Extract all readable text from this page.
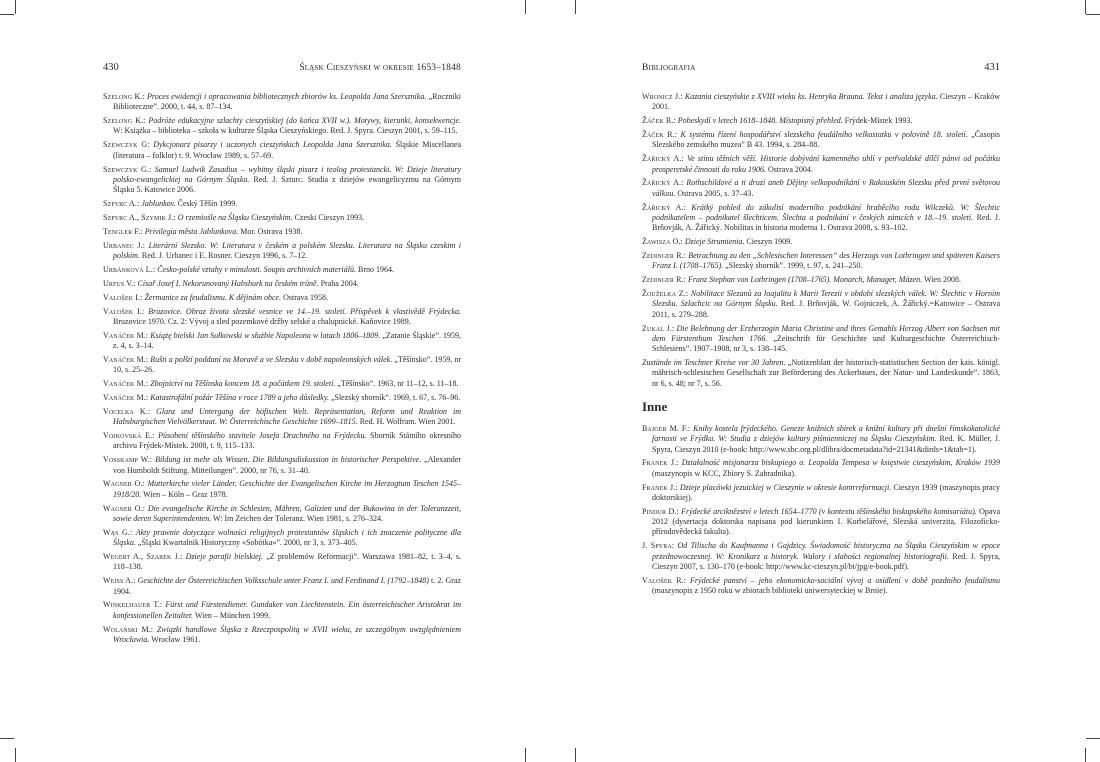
430	Śląsk Cieszyński w okresie 1653–1848
Szelong K.: Proces ewidencji i opracowania bibliotecznych zbiorów ks. Leopolda Jana Szersznika. „Roczniki Biblioteczne”. 2000, t. 44, s. 87–134.
Szelong K.: Podróże edukacyjne szlachty cieszyńskiej (do końca XVII w.). Motywy, kierunki, konsekwencje. W: Książka – biblioteka – szkoła w kulturze Śląska Cieszyńskiego. Red. J. Spyra. Cieszyn 2001, s. 59–115.
Szewczyk G: Dykcjonarz pisarzy i uczonych cieszyńskich Leopolda Jana Szersznika. Śląskie Miscellanea (literatura – folklor) t. 9. Wrocław 1989, s. 57–69.
Szewczyk G.: Samuel Ludwik Zasadius – wybitny śląski pisarz i teolog protestancki. W: Dzieje literatury polsko-ewangelickiej na Górnym Śląsku. Red. J. Szturc. Studia z dziejów ewangelicyzmu na Górnym Śląsku 5. Katowice 2006.
Szpyrc A.: Jablunkov. Český Těšín 1999.
Szpyrc A., Szymik J.: O rzemiośle na Śląsku Cieszyńskim. Czeski Cieszyn 1993.
Tengler F.: Privilegia města Jablunkova. Mor. Ostrava 1938.
Urbanec J.: Literární Slezsko. W: Literatura v českém a polském Slezsku. Literatura na Śląsku czeskim i polskim. Red. J. Urbanec i E. Rosner. Cieszyn 1996, s. 7–12.
Urbánková L.: Česko-polské vztahy v minulosti. Soupis archivních materiálů. Brno 1964.
Urfus V.: Císař Josef I. Nekorunovaný Habsburk na českém trůně. Praha 2004.
Valošek I.: Žermanice za feudalismu. K dějinám obce. Ostrava 1958.
Valošek I.: Bruzovice. Obraz života slezské vesnice ve 14.–19. století. Příspěvek k vlastivědě Frýdecka. Bruzovice 1970. Cz. 2: Vývoj a sled pozemkové držby selské a chalupnické. Kaňovice 1989.
Vanáček M.: Książę bielski Jan Sułkowski w służbie Napoleona w latach 1806–1809. „Zaranie Śląskie”. 1959, z. 4, s. 3–14.
Vanáček M.: Rušti a polští poddaní na Moravě a ve Slezsku v době napoleonských válek. „Těšínsko”. 1959, nr 10, s. 25–26.
Vanáček M.: Zbojnictví na Těšínska koncem 18. a počátkem 19. století. „Těšínsko”. 1963, nr 11–12, s. 11–18.
Vanáček M.: Katastrofální požár Těšína v roce 1789 a jeho důsledky. „Slezský sborník”. 1969, t. 67, s. 76–96.
Vocelka K.: Glanz und Untergang der höfischen Welt. Repräsentation, Reform und Reaktion im Habsburgischen Vielvölkerstaat. W: Österreichische Geschichte 1699–1815. Red. H. Wolfram. Wien 2001.
Vojkovská E.: Působení těšínského stavitele Josefa Drachného na Frýdecku. Sborník Státního okresního archivu Frýdek-Místek. 2008, t. 9, 115–133.
Vosskamp W.: Bildung ist mehr als Wissen. Die Bildungsdiskussion in historischer Perspektive. „Alexander von Humboldt Stiftung. Mitteilungen”. 2000, nr 76, s. 31–40.
Wagner O.: Mutterkirche vieler Länder. Geschichte der Evangelischen Kirche im Herzogtum Teschen 1545–1918/20. Wien – Köln – Graz 1978.
Wagner O.: Die evangelische Kirche in Schlesien, Mähren, Galizien und der Bukowina in der Toleranzzeit, sowie deren Superintendenten. W: Im Zeichen der Toleranz. Wien 1981, s. 276–324.
Wąs G.: Akty prawnie dotyczące wolności religijnych protestantów śląskich i ich znaczenie polityczne dla Śląska. „Śląski Kwartalnik Historyczny «Sobótka»”. 2000, nr 3, s. 373–405.
Wegert A., Szarek J.: Dzieje parafii bielskiej. „Z problemów Reformacji”. Warszawa 1981–82, t. 3–4, s. 118–138.
Weiss A.: Geschichte der Österreichischen Volksschule unter Franz I. und Ferdinand I. (1792–1848) t. 2. Graz 1904.
Winkelhauer T.: Fürst und Fürstendiener. Gundaker von Liechtenstein. Ein österreichischer Aristokrat im konfessionellen Zeitalter. Wien – München 1999.
Wolański M.: Związki handlowe Śląska z Rzeczpospolitą w XVII wieku, ze szczególnym uwzględnieniem Wrocławia. Wrocław 1961.
Bibliografia	431
Wronicz J.: Kazania cieszyńskie z XVIII wieku ks. Henryka Brauna. Tekst i analiza języka. Cieszyn – Kraków 2001.
Žáček R.: Pobeskydí v letech 1618–1848. Místopisný přehled. Frýdek-Místek 1993.
Žáček R.: K systému řízení hospodářství slezského feudálního velkostatku v polovině 18. století. „Časopis Slezského zemského muzea” B 43. 1994, s. 284–88.
Žářický A.: Ve stínu těžních věží. Historie dobývání kamenného uhlí v petřvaldské dílčí pánvi od počátku prosperetské činnosti do roku 1906. Ostrava 2004.
Žářický A.: Rothschildové a ti druzí aneb Dějiny velkopodnikání v Rakouském Slezsku před první světovou válkou. Ostrava 2005, s. 37–43.
Žářický A.: Krátký pohled do zákulisí moderního podnikání hraběcího rodu Wilczeků. W: Šlechtic podnikatelem – podnikatel šlechticem. Šlechta a podnikání v českých zámcích v 18.–19. století. Red. J. Brňovják, A. Žářický. Nobilitas in historia moderna 1. Ostrava 2008, s. 93–102.
Żawisza O.: Dzieje Strumienia. Cieszyn 1909.
Zedinger R.: Betrachtung zu den „Schlesischen Interessen” des Herzogs von Lothringen und späteren Kaisers Franz I. (1708–1765). „Slezský sborník”. 1999, t. 97, s. 241–250.
Zedinger R.: Franz Stephan von Lothringen (1708–1765). Monarch, Manager, Mäzen. Wien 2008.
Žouželka Z.: Nobilitace Slezanů za loajalitu k Marii Terezii v období slezských válek. W: Šlechtic v Horním Slezsku. Szlachcic na Górnym Śląsku. Red. J. Brňovják, W. Gojniczek, A. Žářický.=Katowice – Ostrava 2011, s. 279–288.
Zukal J.: Die Belehnung der Erzherzogin Maria Christine und ihres Gemahls Herzog Albert von Sachsen mit dem Fürstenthum Teschen 1766. „Zeitschrift für Geschichte und Kulturgeschichte Österreichisch-Schlesiens”. 1907–1908, nr 3, s. 138–145.
Zustände im Teschner Kreise vor 30 Jahren. „Notizenblatt der historisch-statistischen Section der kais. königl. mährisch-schlesischen Gesellschaft zur Beförderung des Ackerbaues, der Natur- und Landeskunde”. 1863, nr 6, s. 48; nr 7, s. 56.
Inne
Bajger M. F.: Knihy kostela frýdeckého. Geneze knižních sbírek a knižní kultury při dnešní římskokatolické farnosti ve Frýdku. W: Studia z dziejów kultury piśmienniczej na Śląsku Cieszyńskim. Red. K. Müller, J. Spyra, Cieszyn 2010 (e-book: http://www.sbc.org.pl/dlibra/docmetadata?id=21341&dirds=1&tab=1).
Franek J.: Działalność misjonarza biskupiego o. Leopolda Tempesa w księstwie cieszyńskim, Kraków 1939 (maszynopis w KCC, Zbiory S. Zahradnika).
Franek J.: Dzieje placówki jezuickiej w Cieszynie w okresie kontrreformacji. Cieszyn 1939 (maszynopis pracy doktorskiej).
Pindur D.: Frýdecké arciknězství v letech 1654–1770 (v kontextu těšínského biskupského komisariátu). Opava 2012 (dysertacja doktorska napisana pod kierunkiem I. Korbelářové, Slezská univerzita, Filozoficko-přírodovědecká fakulta).
J. Spyra: Od Tilischa do Kaufmanna i Gajdzicy. Świadomość historyczna na Śląsku Cieszyńskim w epoce przednowoczesnej. W: Kronikarz a historyk. Walory i słabości regionalnej historiografii. Red. J. Spyra, Cieszyn 2007, s. 130–170 (e-book: http://www.kc-cieszyn.pl/bt/jpg/e-book.pdf).
Valošek R.: Frýdecké panství – jeho ekonomicko-sociální vývoj a osídlení v době pozdního feudalismu (maszynopis z 1950 roku w zbiorach biblioteki uniwersyteckiej w Brnie).
